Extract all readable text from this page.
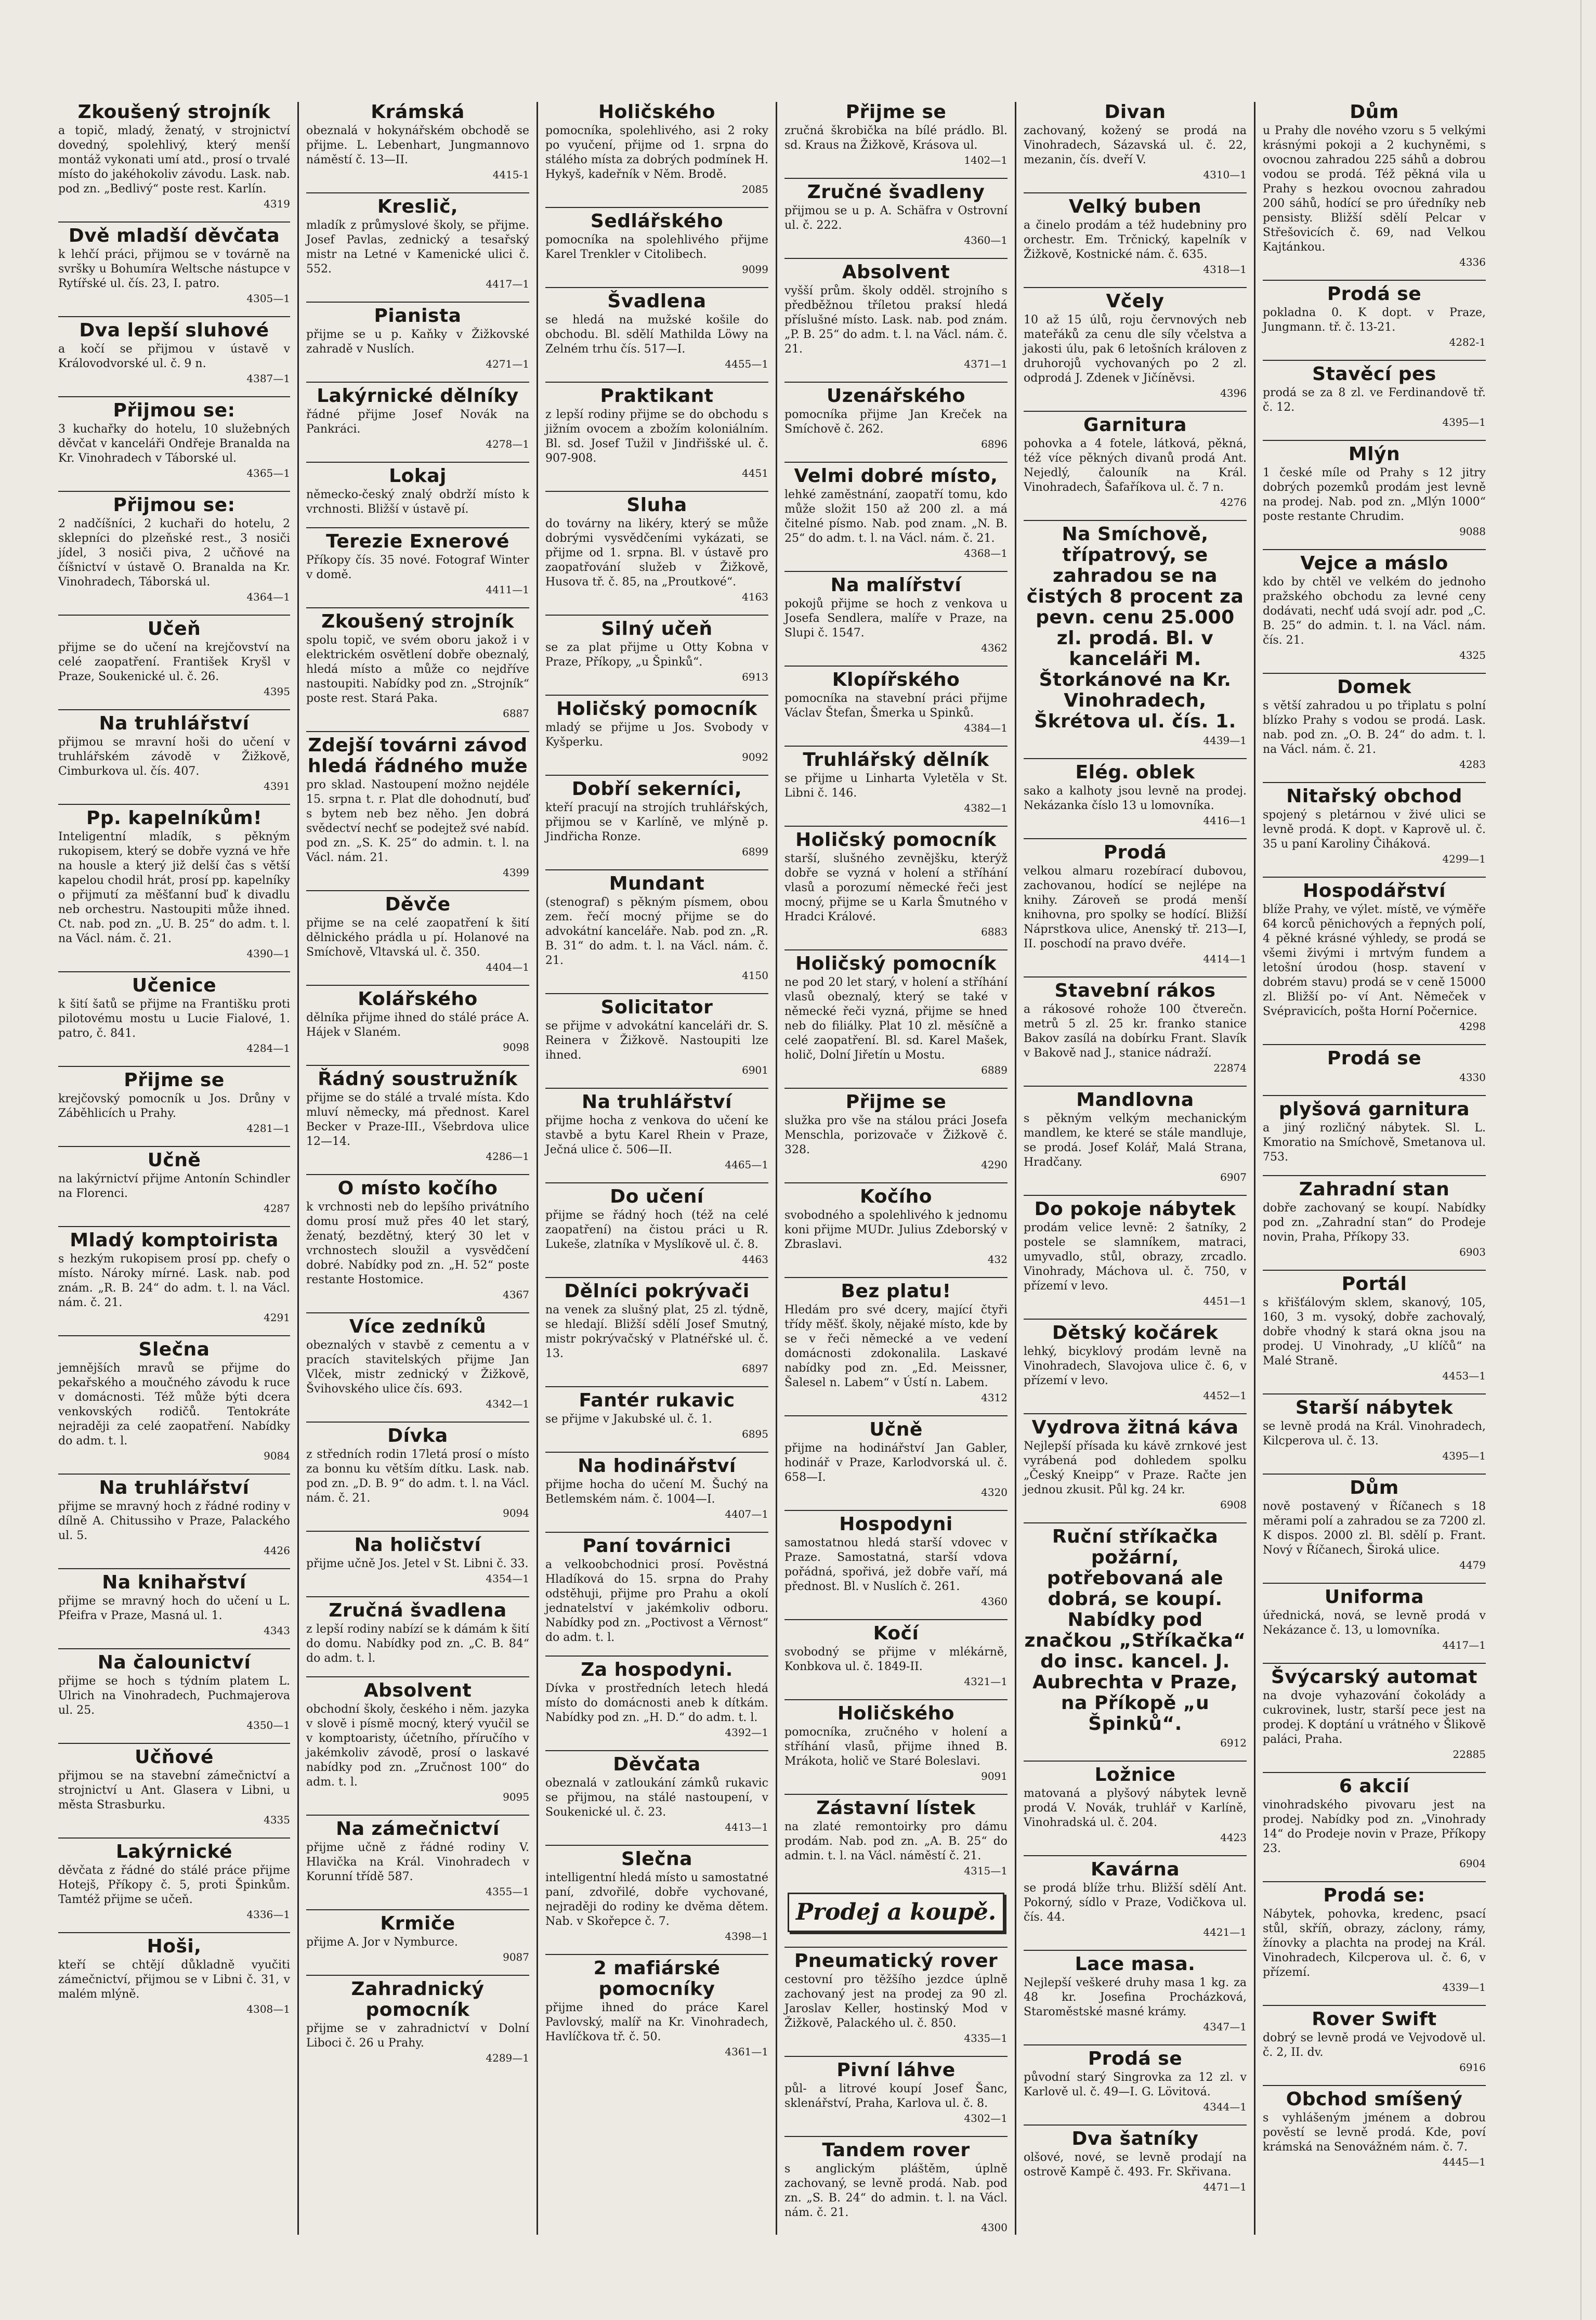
Zkoušený strojník

a topič, mladý, ženatý, v strojnictví dovedný, spolehlivý, který menší montáž vykonati umí atd., prosí o trvalé místo do jakéhokoliv závodu. Lask. nab. pod zn. „Bedlivý“ poste rest. Karlín.

4319

Dvě mladší děvčata

k lehčí práci, přijmou se v továrně na svršky u Bohumíra Weltsche nástupce v Rytířské ul. čís. 23, I. patro.

4305—1

Dva lepší sluhové

a kočí se přijmou v ústavě v Královodvorské ul. č. 9 n.

4387—1

Přijmou se:

3 kuchařky do hotelu, 10 služebných děvčat v kanceláři Ondřeje Branalda na Kr. Vinohradech v Táborské ul.

4365—1

Přijmou se:

2 nadčíšníci, 2 kuchaři do hotelu, 2 sklepníci do plzeňské rest., 3 nosiči jídel, 3 nosiči piva, 2 učňové na číšnictví v ústavě O. Branalda na Kr. Vinohradech, Táborská ul.

4364—1

Učeň

přijme se do učení na krejčovství na celé zaopatření. František Kryšl v Praze, Soukenické ul. č. 26.

4395

Na truhlářství

přijmou se mravní hoši do učení v truhlářském závodě v Žižkově, Cimburkova ul. čís. 407.

4391

Pp. kapelníkům!

Inteligentní mladík, s pěkným rukopisem, který se dobře vyzná ve hře na housle a který již delší čas s větší kapelou chodil hrát, prosí pp. kapelníky o přijmutí za měšťanní buď k divadlu neb orchestru. Nastoupiti může ihned. Ct. nab. pod zn. „U. B. 25“ do adm. t. l. na Václ. nám. č. 21.

4390—1

Učenice

k šití šatů se přijme na Františku proti pilotovému mostu u Lucie Fialové, 1. patro, č. 841.

4284—1

Přijme se

krejčovský pomocník u Jos. Drůny v Záběhlicích u Prahy.

4281—1

Učně

na lakýrnictví přijme Antonín Schindler na Florenci.

4287

Mladý komptoirista

s hezkým rukopisem prosí pp. chefy o místo. Nároky mírné. Lask. nab. pod znám. „R. B. 24“ do adm. t. l. na Václ. nám. č. 21.

4291

Slečna

jemnějších mravů se přijme do pekařského a moučného závodu k ruce v domácnosti. Též může býti dcera venkovských rodičů. Tentokráte nejraději za celé zaopatření. Nabídky do adm. t. l.

9084

Na truhlářství

přijme se mravný hoch z řádné rodiny v dílně A. Chitussiho v Praze, Palackého ul. 5.

4426

Na knihařství

přijme se mravný hoch do učení u L. Pfeifra v Praze, Masná ul. 1.

4343

Na čalounictví

přijme se hoch s týdním platem L. Ulrich na Vinohradech, Puchmajerova ul. 25.

4350—1

Učňové

přijmou se na stavební zámečnictví a strojnictví u Ant. Glasera v Libni, u města Strasburku.

4335

Lakýrnické

děvčata z řádné do stálé práce přijme Hotejš, Příkopy č. 5, proti Špinkům. Tamtéž přijme se učeň.

4336—1

Hoši,

kteří se chtějí důkladně vyučiti zámečnictví, přijmou se v Libni č. 31, v malém mlýně.

4308—1

Krámská

obeznalá v hokynářském obchodě se přijme. L. Lebenhart, Jungmannovo náměstí č. 13—II.

4415-1

Kreslič,

mladík z průmyslové školy, se přijme. Josef Pavlas, zednický a tesařský mistr na Letné v Kamenické ulici č. 552.

4417—1

Pianista

přijme se u p. Kaňky v Žižkovské zahradě v Nuslích.

4271—1

Lakýrnické dělníky

řádné přijme Josef Novák na Pankráci.

4278—1

Lokaj

německo-český znalý obdrží místo k vrchnosti. Bližší v ústavě pí.

Terezie Exnerové

Příkopy čís. 35 nové. Fotograf Winter v domě.

4411—1

Zkoušený strojník

spolu topič, ve svém oboru jakož i v elektrickém osvětlení dobře obeznalý, hledá místo a může co nejdříve nastoupiti. Nabídky pod zn. „Strojník“ poste rest. Stará Paka.

6887

Zdejší továrni závod hledá řádného muže

pro sklad. Nastoupení možno nejdéle 15. srpna t. r. Plat dle dohodnutí, buď s bytem neb bez něho. Jen dobrá svědectví nechť se podejtež své nabíd. pod zn. „S. K. 25“ do admin. t. l. na Václ. nám. 21.

4399

Děvče

přijme se na celé zaopatření k šití dělnického prádla u pí. Holanové na Smíchově, Vltavská ul. č. 350.

4404—1

Kolářského

dělníka přijme ihned do stálé práce A. Hájek v Slaném.

9098

Řádný soustružník

přijme se do stálé a trvalé místa. Kdo mluví německy, má přednost. Karel Becker v Praze-III., Všebrdova ulice 12—14.

4286—1

O místo kočího

k vrchnosti neb do lepšího privátního domu prosí muž přes 40 let starý, ženatý, bezdětný, který 30 let v vrchnostech sloužil a vysvědčení dobré. Nabídky pod zn. „H. 52“ poste restante Hostomice.

4367

Více zedníků

obeznalých v stavbě z cementu a v pracích stavitelských přijme Jan Vlček, mistr zednický v Žižkově, Švihovského ulice čís. 693.

4342—1

Dívka

z středních rodin 17letá prosí o místo za bonnu ku větším dítku. Lask. nab. pod zn. „D. B. 9“ do adm. t. l. na Václ. nám. č. 21.

9094

Na holičství

přijme učně Jos. Jetel v St. Libni č. 33.

4354—1

Zručná švadlena

z lepší rodiny nabízí se k dámám k šití do domu. Nabídky pod zn. „C. B. 84“ do adm. t. l.

Absolvent

obchodní školy, českého i něm. jazyka v slově i písmě mocný, který vyučil se v komptoaristy, účetního, příručího v jakémkoliv závodě, prosí o laskavé nabídky pod zn. „Zručnost 100“ do adm. t. l.

9095

Na zámečnictví

přijme učně z řádné rodiny V. Hlavička na Král. Vinohradech v Korunní třídě 587.

4355—1

Krmiče

přijme A. Jor v Nymburce.

9087

Zahradnický pomocník

přijme se v zahradnictví v Dolní Liboci č. 26 u Prahy.

4289—1

Holičského

pomocníka, spolehlivého, asi 2 roky po vyučení, přijme od 1. srpna do stálého místa za dobrých podmínek H. Hykyš, kadeřník v Něm. Brodě.

2085

Sedlářského

pomocníka na spolehlivého přijme Karel Trenkler v Citolibech.

9099

Švadlena

se hledá na mužské košile do obchodu. Bl. sdělí Mathilda Löwy na Zelném trhu čís. 517—I.

4455—1

Praktikant

z lepší rodiny přijme se do obchodu s jižním ovocem a zbožím koloniálním. Bl. sd. Josef Tužil v Jindřišské ul. č. 907-908.

4451

Sluha

do továrny na likéry, který se může dobrými vysvědčeními vykázati, se přijme od 1. srpna. Bl. v ústavě pro zaopatřování služeb v Žižkově, Husova tř. č. 85, na „Proutkové“.

4163

Silný učeň

se za plat přijme u Otty Kobna v Praze, Příkopy, „u Špinků“.

6913

Holičský pomocník

mladý se přijme u Jos. Svobody v Kyšperku.

9092

Dobří sekerníci,

kteří pracují na strojích truhlářských, přijmou se v Karlíně, ve mlýně p. Jindřicha Ronze.

6899

Mundant

(stenograf) s pěkným písmem, obou zem. řečí mocný přijme se do advokátní kanceláře. Nab. pod zn. „R. B. 31“ do adm. t. l. na Václ. nám. č. 21.

4150

Solicitator

se přijme v advokátní kanceláři dr. S. Reinera v Žižkově. Nastoupiti lze ihned.

6901

Na truhlářství

přijme hocha z venkova do učení ke stavbě a bytu Karel Rhein v Praze, Ječná ulice č. 506—II.

4465—1

Do učení

přijme se řádný hoch (též na celé zaopatření) na čistou práci u R. Lukeše, zlatníka v Myslíkově ul. č. 8.

4463

Dělníci pokrývači

na venek za slušný plat, 25 zl. týdně, se hledají. Bližší sdělí Josef Smutný, mistr pokrývačský v Platnéřské ul. č. 13.

6897

Fantér rukavic

se přijme v Jakubské ul. č. 1.

6895

Na hodinářství

přijme hocha do učení M. Šuchý na Betlemském nám. č. 1004—I.

4407—1

Paní továrnici

a velkoobchodnici prosí. Pověstná Hladíková do 15. srpna do Prahy odstěhuji, přijme pro Prahu a okolí jednatelství v jakémkoliv odboru. Nabídky pod zn. „Poctivost a Věrnost“ do adm. t. l.

Za hospodyni.

Dívka v prostředních letech hledá místo do domácnosti aneb k dítkám. Nabídky pod zn. „H. D.“ do adm. t. l.

4392—1

Děvčata

obeznalá v zatloukání zámků rukavic se přijmou, na stálé nastoupení, v Soukenické ul. č. 23.

4413—1

Slečna

intelligentní hledá místo u samostatné paní, zdvořilé, dobře vychované, nejraději do rodiny ke dvěma dětem. Nab. v Skořepce č. 7.

4398—1

2 mafiárské pomocníky

přijme ihned do práce Karel Pavlovský, malíř na Kr. Vinohradech, Havlíčkova tř. č. 50.

4361—1

Přijme se

zručná škrobička na bílé prádlo. Bl. sd. Kraus na Žižkově, Krásova ul.

1402—1

Zručné švadleny

přijmou se u p. A. Schäfra v Ostrovní ul. č. 222.

4360—1

Absolvent

vyšší prům. školy odděl. strojního s předběžnou tříletou praksí hledá příslušné místo. Lask. nab. pod znám. „P. B. 25“ do adm. t. l. na Václ. nám. č. 21.

4371—1

Uzenářského

pomocníka přijme Jan Kreček na Smíchově č. 262.

6896

Velmi dobré místo,

lehké zaměstnání, zaopatří tomu, kdo může složit 150 až 200 zl. a má čitelné písmo. Nab. pod znam. „N. B. 25“ do adm. t. l. na Václ. nám. č. 21.

4368—1

Na malířství

pokojů přijme se hoch z venkova u Josefa Sendlera, malíře v Praze, na Slupi č. 1547.

4362

Klopířského

pomocníka na stavební práci přijme Václav Štefan, Šmerka u Spinků.

4384—1

Truhlářský dělník

se přijme u Linharta Vyletěla v St. Libni č. 146.

4382—1

Holičský pomocník

starší, slušného zevnějšku, kterýž dobře se vyzná v holení a stříhání vlasů a porozumí německé řeči jest mocný, přijme se u Karla Šmutného v Hradci Králové.

6883

Holičský pomocník

ne pod 20 let starý, v holení a stříhání vlasů obeznalý, který se také v německé řeči vyzná, přijme se hned neb do filiálky. Plat 10 zl. měsíčně a celé zaopatření. Bl. sd. Karel Mašek, holič, Dolní Jiřetín u Mostu.

6889

Přijme se

služka pro vše na stálou práci Josefa Menschla, porizovače v Žižkově č. 328.

4290

Kočího

svobodného a spolehlivého k jednomu koni přijme MUDr. Julius Zdeborský v Zbraslavi.

432

Bez platu!

Hledám pro své dcery, mající čtyři třídy měšť. školy, nějaké místo, kde by se v řeči německé a ve vedení domácnosti zdokonalila. Laskavé nabídky pod zn. „Ed. Meissner, Šalesel n. Labem“ v Ústí n. Labem.

4312

Učně

přijme na hodinářství Jan Gabler, hodinář v Praze, Karlodvorská ul. č. 658—I.

4320

Hospodyni

samostatnou hledá starší vdovec v Praze. Samostatná, starší vdova pořádná, spořivá, jež dobře vaří, má přednost. Bl. v Nuslích č. 261.

4360

Kočí

svobodný se přijme v mlékárně, Konbkova ul. č. 1849-II.

4321—1

Holičského

pomocníka, zručného v holení a stříhání vlasů, přijme ihned B. Mrákota, holič ve Staré Boleslavi.

9091

Zástavní lístek

na zlaté remontoirky pro dámu prodám. Nab. pod zn. „A. B. 25“ do admin. t. l. na Václ. náměstí č. 21.

4315—1

Prodej a koupě.
Pneumatický rover

cestovní pro těžšího jezdce úplně zachovaný jest na prodej za 90 zl. Jaroslav Keller, hostinský Mod v Žižkově, Palackého ul. č. 850.

4335—1

Pivní láhve

půl- a litrové koupí Josef Šanc, sklenářství, Praha, Karlova ul. č. 8.

4302—1

Tandem rover

s anglickým pláštěm, úplně zachovaný, se levně prodá. Nab. pod zn. „S. B. 24“ do admin. t. l. na Václ. nám. č. 21.

4300

Divan

zachovaný, kožený se prodá na Vinohradech, Sázavská ul. č. 22, mezanin, čís. dveří V.

4310—1

Velký buben

a činelo prodám a též hudebniny pro orchestr. Em. Trčnický, kapelník v Žižkově, Kostnické nám. č. 635.

4318—1

Včely

10 až 15 úlů, roju červnových neb mateřáků za cenu dle síly včelstva a jakosti úlu, pak 6 letošních královen z druhorojů vychovaných po 2 zl. odprodá J. Zdenek v Jičíněvsi.

4396

Garnitura

pohovka a 4 fotele, látková, pěkná, též více pěkných divanů prodá Ant. Nejedlý, čalouník na Král. Vinohradech, Šafaříkova ul. č. 7 n.

4276

Na Smíchově, třípatrový, se zahradou se na čistých 8 procent za pevn. cenu 25.000 zl. prodá. Bl. v kanceláři M. Štorkánové na Kr. Vinohradech, Škrétova ul. čís. 1.

4439—1

Elég. oblek

sako a kalhoty jsou levně na prodej. Nekázanka číslo 13 u lomovníka.

4416—1

Prodá

velkou almaru rozebírací dubovou, zachovanou, hodící se nejlépe na knihy. Zároveň se prodá menší knihovna, pro spolky se hodící. Bližší Náprstkova ulice, Anenský tř. 213—I, II. poschodí na pravo dvéře.

4414—1

Stavební rákos

a rákosové rohože 100 čtverečn. metrů 5 zl. 25 kr. franko stanice Bakov zasílá na dobírku Frant. Slavík v Bakově nad J., stanice nádraží.

22874

Mandlovna

s pěkným velkým mechanickým mandlem, ke které se stále mandluje, se prodá. Josef Kolář, Malá Strana, Hradčany.

6907

Do pokoje nábytek

prodám velice levně: 2 šatníky, 2 postele se slamníkem, matraci, umyvadlo, stůl, obrazy, zrcadlo. Vinohrady, Máchova ul. č. 750, v přízemí v levo.

4451—1

Dětský kočárek

lehký, bicyklový prodám levně na Vinohradech, Slavojova ulice č. 6, v přízemí v levo.

4452—1

Vydrova žitná káva

Nejlepší přísada ku kávě zrnkové jest vyrábená pod dohledem spolku „Český Kneipp“ v Praze. Račte jen jednou zkusit. Půl kg. 24 kr.

6908

Ruční stříkačka požární, potřebovaná ale dobrá, se koupí. Nabídky pod značkou „Stříkačka“ do insc. kancel. J. Aubrechta v Praze, na Příkopě „u Špinků“.

6912

Ložnice

matovaná a plyšový nábytek levně prodá V. Novák, truhlář v Karlíně, Vinohradská ul. č. 204.

4423

Kavárna

se prodá blíže trhu. Bližší sdělí Ant. Pokorný, sídlo v Praze, Vodičkova ul. čís. 44.

4421—1

Lace masa.

Nejlepší veškeré druhy masa 1 kg. za 48 kr. Josefina Procházková, Staroměstské masné krámy.

4347—1

Prodá se

původní starý Singrovka za 12 zl. v Karlově ul. č. 49—I. G. Lövitová.

4344—1

Dva šatníky

olšové, nové, se levně prodají na ostrově Kampě č. 493. Fr. Skřivana.

4471—1

Dům

u Prahy dle nového vzoru s 5 velkými krásnými pokoji a 2 kuchyněmi, s ovocnou zahradou 225 sáhů a dobrou vodou se prodá. Též pěkná vila u Prahy s hezkou ovocnou zahradou 200 sáhů, hodící se pro úředníky neb pensisty. Bližší sdělí Pelcar v Střešovicích č. 69, nad Velkou Kajtánkou.

4336

Prodá se

pokladna 0. K dopt. v Praze, Jungmann. tř. č. 13-21.

4282-1

Stavěcí pes

prodá se za 8 zl. ve Ferdinandově tř. č. 12.

4395—1

Mlýn

1 české míle od Prahy s 12 jitry dobrých pozemků prodám jest levně na prodej. Nab. pod zn. „Mlýn 1000“ poste restante Chrudim.

9088

Vejce a máslo

kdo by chtěl ve velkém do jednoho pražského obchodu za levné ceny dodávati, nechť udá svojí adr. pod „C. B. 25“ do admin. t. l. na Václ. nám. čís. 21.

4325

Domek

s větší zahradou u po třiplatu s polní blízko Prahy s vodou se prodá. Lask. nab. pod zn. „O. B. 24“ do adm. t. l. na Václ. nám. č. 21.

4283

Nitařský obchod

spojený s pletárnou v živé ulici se levně prodá. K dopt. v Kaprově ul. č. 35 u paní Karoliny Čiháková.

4299—1

Hospodářství

blíže Prahy, ve výlet. místě, ve výměře 64 korců pěnichových a řepných polí, 4 pěkné krásné výhledy, se prodá se všemi živými i mrtvým fundem a letošní úrodou (hosp. stavení v dobrém stavu) prodá se v ceně 15000 zl. Bližší po- ví Ant. Němeček v Svépravicích, pošta Horní Počernice.

4298

Prodá se

4330

plyšová garnitura

a jiný rozličný nábytek. Sl. L. Kmoratio na Smíchově, Smetanova ul. 753.

Zahradní stan

dobře zachovaný se koupí. Nabídky pod zn. „Zahradní stan“ do Prodeje novin, Praha, Příkopy 33.

6903

Portál

s křišťálovým sklem, skanový, 105, 160, 3 m. vysoký, dobře zachovalý, dobře vhodný k stará okna jsou na prodej. U Vinohrady, „U klíčů“ na Malé Straně.

4453—1

Starší nábytek

se levně prodá na Král. Vinohradech, Kilcperova ul. č. 13.

4395—1

Dům

nově postavený v Říčanech s 18 měrami polí a zahradou se za 7200 zl. K dispos. 2000 zl. Bl. sdělí p. Frant. Nový v Říčanech, Široká ulice.

4479

Uniforma

úřednická, nová, se levně prodá v Nekázance č. 13, u lomovníka.

4417—1

Švýcarský automat

na dvoje vyhazování čokolády a cukrovinek, lustr, starší pece jest na prodej. K doptání u vrátného v Šlikově paláci, Praha.

22885

6 akcií

vinohradského pivovaru jest na prodej. Nabídky pod zn. „Vinohrady 14“ do Prodeje novin v Praze, Příkopy 23.

6904

Prodá se:

Nábytek, pohovka, kredenc, psací stůl, skříň, obrazy, záclony, rámy, žínovky a plachta na prodej na Král. Vinohradech, Kilcperova ul. č. 6, v přízemí.

4339—1

Rover Swift

dobrý se levně prodá ve Vejvodově ul. č. 2, II. dv.

6916

Obchod smíšený

s vyhlášeným jménem a dobrou pověstí se levně prodá. Kde, poví krámská na Senovážném nám. č. 7.

4445—1
